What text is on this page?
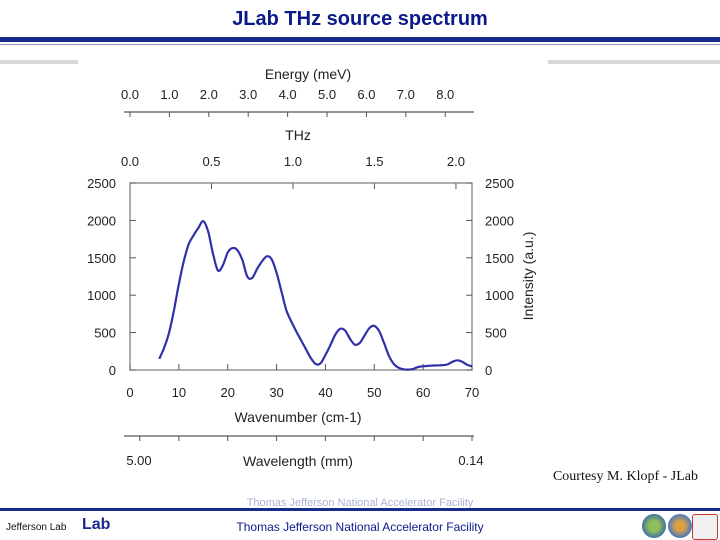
JLab THz source spectrum
Energy (meV)
0.0 1.0 2.0 3.0 4.0 5.0 6.0 7.0 8.0
THz
0.0	0.5	1.0	1.5	2.0
0
500
1000
1500
2000
2500
0
500
1000
1500
2000
2500
0	10	20	30	40	50	60	70
Wavenumber (cm-1)
Intensity (a.u.)
5.00	Wavelength (mm)	0.14
Courtesy M. Klopf - JLab
Thomas Jefferson National Accelerator Facility
Thomas Jefferson National Accelerator Facility
Jefferson Lab Lab
